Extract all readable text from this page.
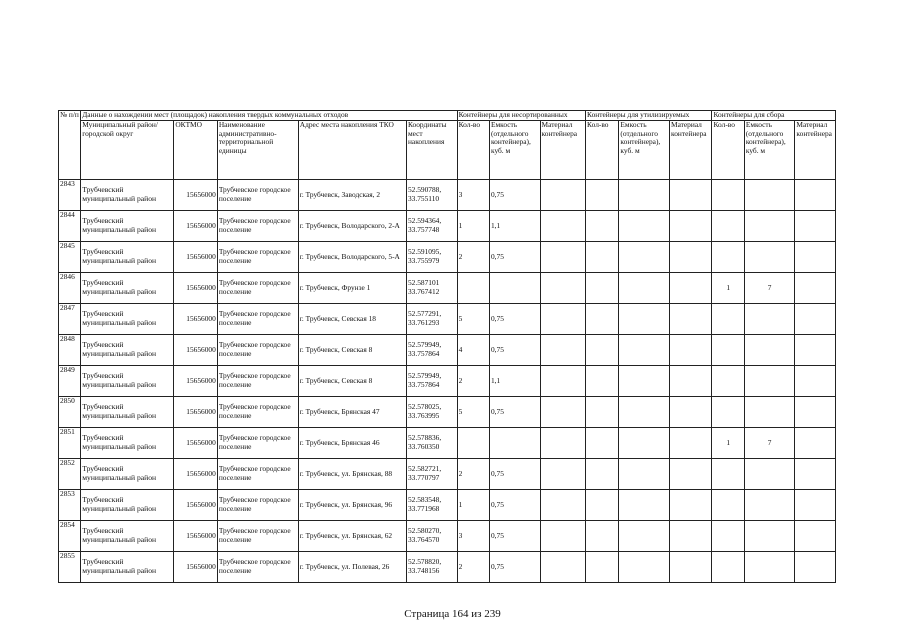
№ п/п	Данные о нахождении мест (площадок) накопления твердых коммунальных отходов					Контейнеры для несортированных			Контейнеры для утилизируемых			Контейнеры для сбора		
	Муниципальный район/городской округ	ОКТМО	Наименование административно-территориальной единицы	Адрес места накопления ТКО	Координаты мест накопления	Кол-во	Емкость (отдельного контейнера), куб. м	Материал контейнера	Кол-во	Емкость (отдельного контейнера), куб. м	Материал контейнера	Кол-во	Емкость (отдельного контейнера), куб. м	Материал контейнера
2843	Трубчевский муниципальный район	15656000	Трубчевское городское поселение	г. Трубчевск, Заводская, 2	52.590788, 33.755110	3	0,75							
2844	Трубчевский муниципальный район	15656000	Трубчевское городское поселение	г. Трубчевск, Володарского, 2-А	52.594364, 33.757748	1	1,1							
2845	Трубчевский муниципальный район	15656000	Трубчевское городское поселение	г. Трубчевск, Володарского, 5-А	52.591095, 33.755979	2	0,75							
2846	Трубчевский муниципальный район	15656000	Трубчевское городское поселение	г. Трубчевск, Фрунзе 1	52.587101 33.767412							1	7	
2847	Трубчевский муниципальный район	15656000	Трубчевское городское поселение	г. Трубчевск, Севская 18	52.577291, 33.761293	5	0,75							
2848	Трубчевский муниципальный район	15656000	Трубчевское городское поселение	г. Трубчевск, Севская 8	52.579949, 33.757864	4	0,75							
2849	Трубчевский муниципальный район	15656000	Трубчевское городское поселение	г. Трубчевск, Севская 8	52.579949, 33.757864	2	1,1							
2850	Трубчевский муниципальный район	15656000	Трубчевское городское поселение	г. Трубчевск, Брянская 47	52.578025, 33.763995	5	0,75							
2851	Трубчевский муниципальный район	15656000	Трубчевское городское поселение	г. Трубчевск, Брянская 46	52.578836, 33.760350							1	7	
2852	Трубчевский муниципальный район	15656000	Трубчевское городское поселение	г. Трубчевск, ул. Брянская, 88	52.582721, 33.770797	2	0,75							
2853	Трубчевский муниципальный район	15656000	Трубчевское городское поселение	г. Трубчевск, ул. Брянская, 96	52.583548, 33.771968	1	0,75							
2854	Трубчевский муниципальный район	15656000	Трубчевское городское поселение	г. Трубчевск, ул. Брянская, 62	52.580270, 33.764570	3	0,75							
2855	Трубчевский муниципальный район	15656000	Трубчевское городское поселение	г. Трубчевск, ул. Полевая, 26	52.578820, 33.748156	2	0,75							
Страница 164 из 239
